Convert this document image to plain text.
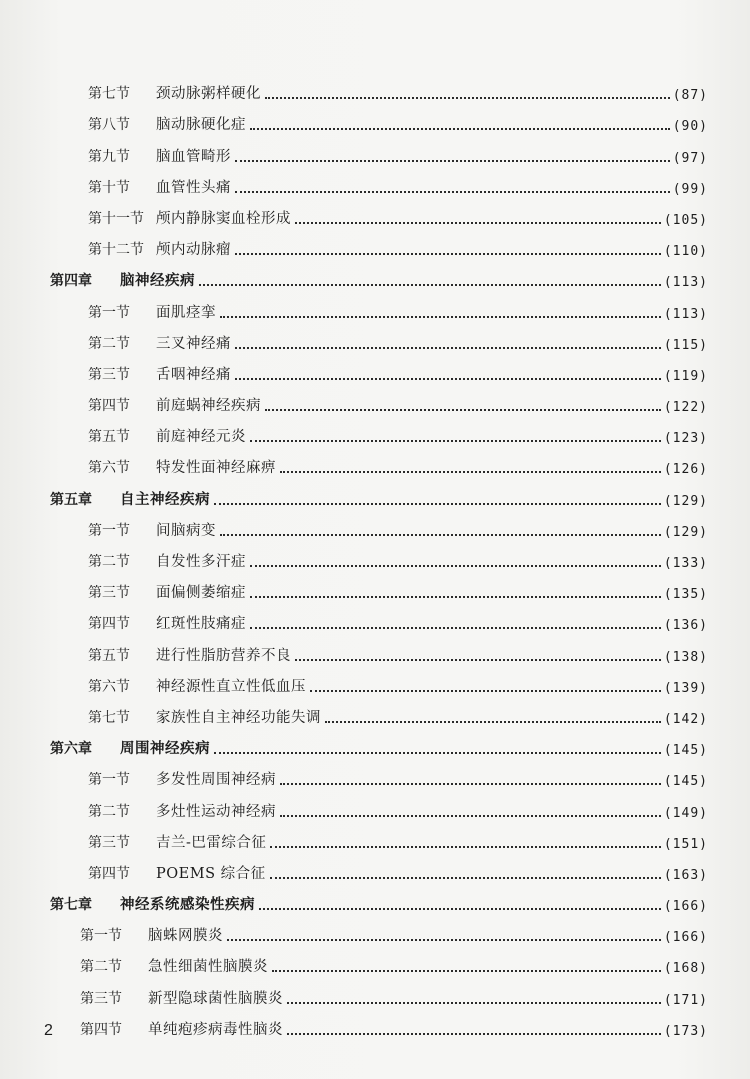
第七节	颈动脉粥样硬化	(87)
第八节	脑动脉硬化症	(90)
第九节	脑血管畸形	(97)
第十节	血管性头痛	(99)
第十一节 颅内静脉窦血栓形成	(105)
第十二节 颅内动脉瘤	(110)
第四章	脑神经疾病	(113)
第一节	面肌痉挛	(113)
第二节	三叉神经痛	(115)
第三节	舌咽神经痛	(119)
第四节	前庭蜗神经疾病	(122)
第五节	前庭神经元炎	(123)
第六节	特发性面神经麻痹	(126)
第五章	自主神经疾病	(129)
第一节	间脑病变	(129)
第二节	自发性多汗症	(133)
第三节	面偏侧萎缩症	(135)
第四节	红斑性肢痛症	(136)
第五节	进行性脂肪营养不良	(138)
第六节	神经源性直立性低血压	(139)
第七节	家族性自主神经功能失调	(142)
第六章	周围神经疾病	(145)
第一节	多发性周围神经病	(145)
第二节	多灶性运动神经病	(149)
第三节	吉兰-巴雷综合征	(151)
第四节	POEMS 综合征	(163)
第七章	神经系统感染性疾病	(166)
第一节	脑蛛网膜炎	(166)
第二节	急性细菌性脑膜炎	(168)
第三节	新型隐球菌性脑膜炎	(171)
第四节	单纯疱疹病毒性脑炎	(173)
2
